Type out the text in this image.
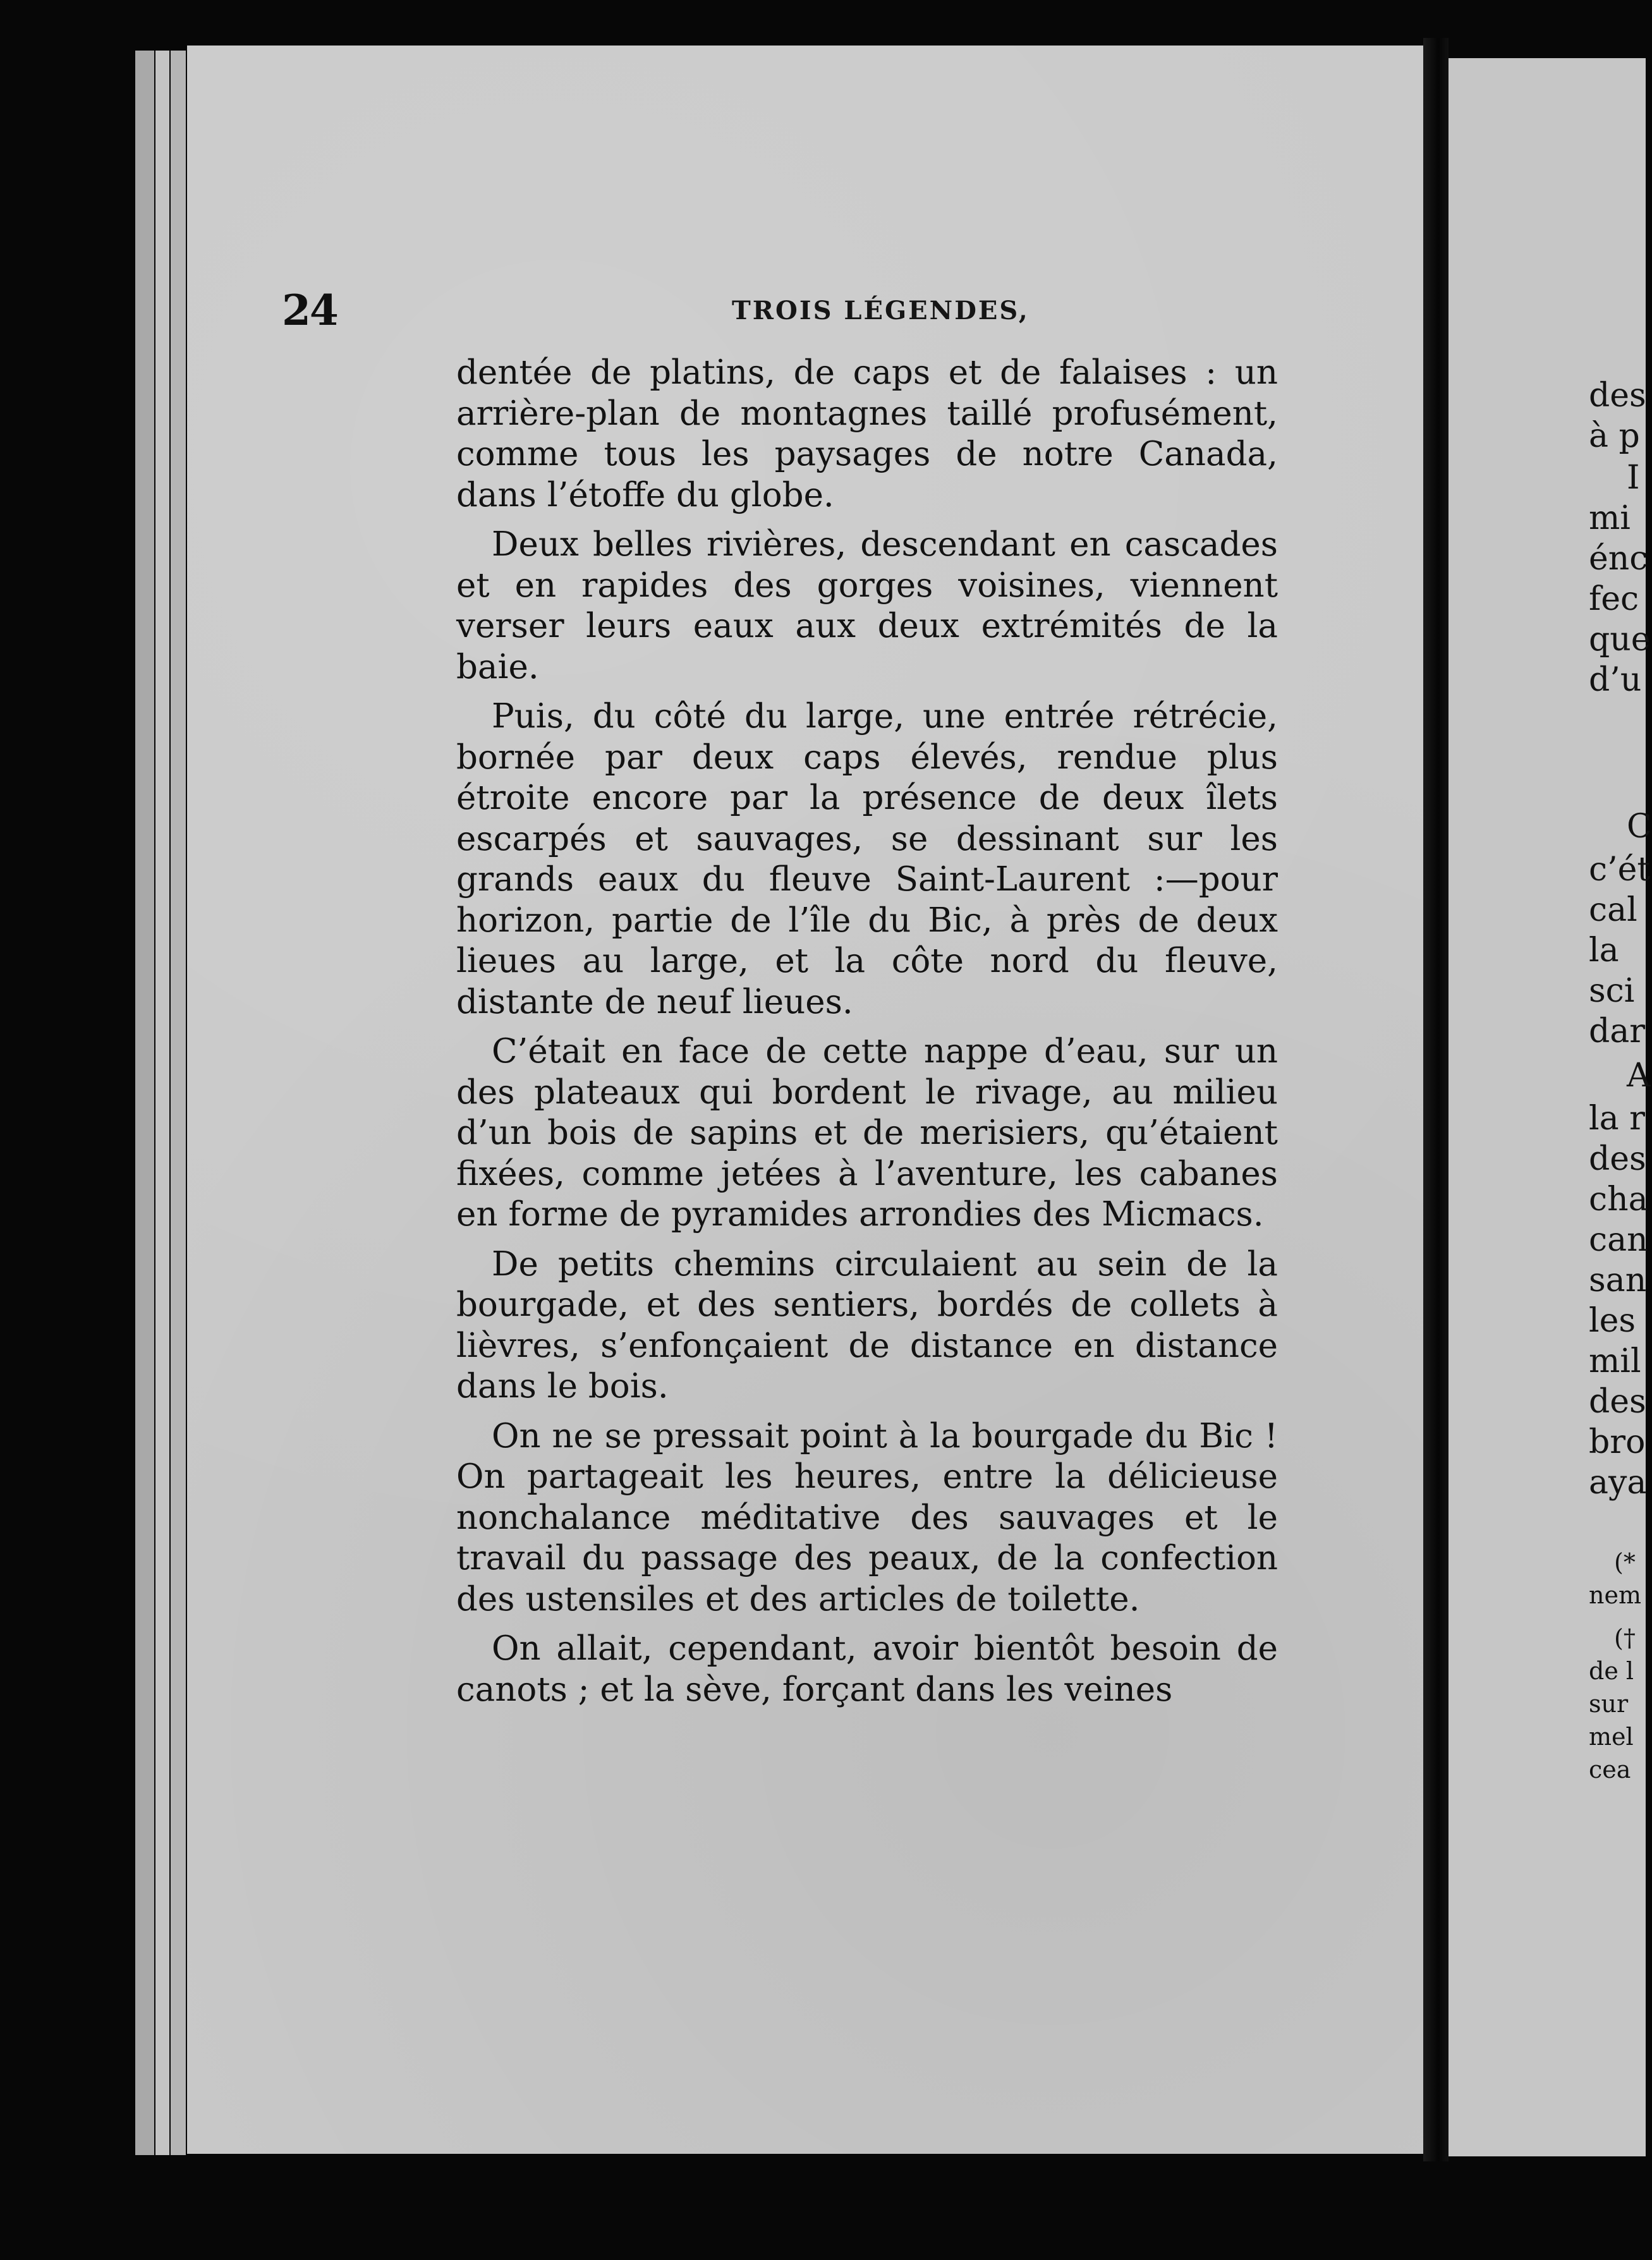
24	TROIS LÉGENDES,

dentée de platins, de caps et de falaises : un arrière-plan de montagnes taillé profusément, comme tous les paysages de notre Canada, dans l’étoffe du globe.

Deux belles rivières, descendant en cascades et en rapides des gorges voisines, viennent verser leurs eaux aux deux extrémités de la baie.

Puis, du côté du large, une entrée rétrécie, bornée par deux caps élevés, rendue plus étroite encore par la présence de deux îlets escarpés et sauvages, se dessinant sur les grands eaux du fleuve Saint-Laurent :—pour horizon, partie de l’île du Bic, à près de deux lieues au large, et la côte nord du fleuve, distante de neuf lieues.

C’était en face de cette nappe d’eau, sur un des plateaux qui bordent le rivage, au milieu d’un bois de sapins et de merisiers, qu’étaient fixées, comme jetées à l’aventure, les cabanes en forme de pyramides arrondies des Micmacs.

De petits chemins circulaient au sein de la bourgade, et des sentiers, bordés de collets à lièvres, s’enfonçaient de distance en distance dans le bois.

On ne se pressait point à la bourgade du Bic ! On partageait les heures, entre la délicieuse nonchalance méditative des sauvages et le travail du passage des peaux, de la confection des ustensiles et des articles de toilette.

On allait, cependant, avoir bientôt besoin de canots ; et la sève, forçant dans les veines

des
à p
I
mi
énc
fec
que
d’u
C
c’ét
cal
la
sci
dar
A
la r
des
cha
can
san
les
mil
des
bro
aya
(*
nem
(†
de l
sur
mel
cea
